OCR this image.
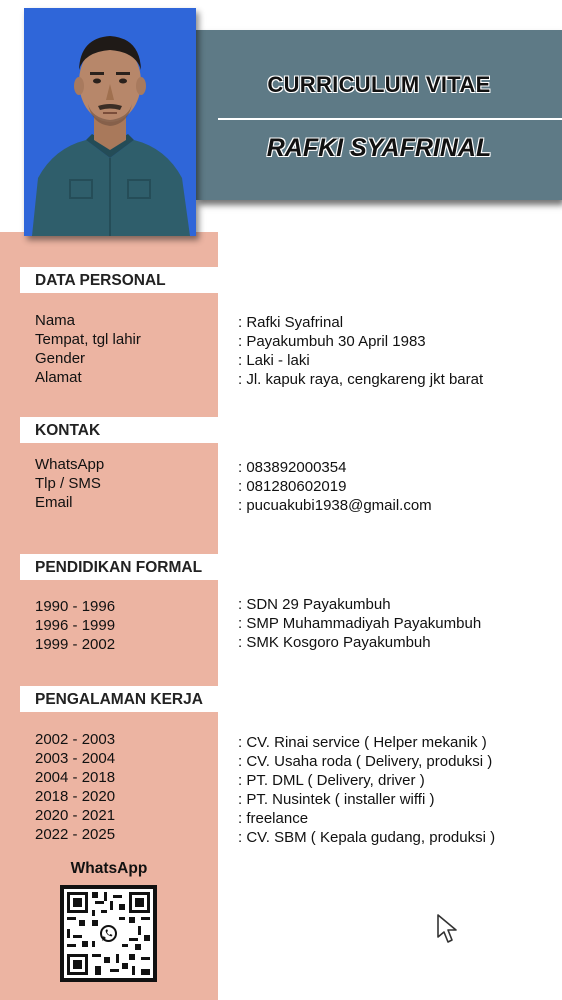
CURRICULUM VITAE
RAFKI SYAFRINAL
DATA PERSONAL
Nama
Tempat, tgl lahir
Gender
Alamat
: Rafki Syafrinal
: Payakumbuh 30 April 1983
: Laki - laki
: Jl. kapuk raya, cengkareng jkt barat
KONTAK
WhatsApp
Tlp / SMS
Email
: 083892000354
: 081280602019
: pucuakubi1938@gmail.com
PENDIDIKAN FORMAL
1990 - 1996
1996 - 1999
1999 - 2002
: SDN 29 Payakumbuh
: SMP Muhammadiyah Payakumbuh
: SMK Kosgoro Payakumbuh
PENGALAMAN KERJA
2002 - 2003
2003 - 2004
2004 - 2018
2018 - 2020
2020 - 2021
2022 - 2025
: CV. Rinai service ( Helper mekanik )
: CV. Usaha roda ( Delivery, produksi )
: PT. DML ( Delivery, driver )
: PT. Nusintek ( installer wiffi )
: freelance
: CV. SBM ( Kepala gudang, produksi )
WhatsApp
